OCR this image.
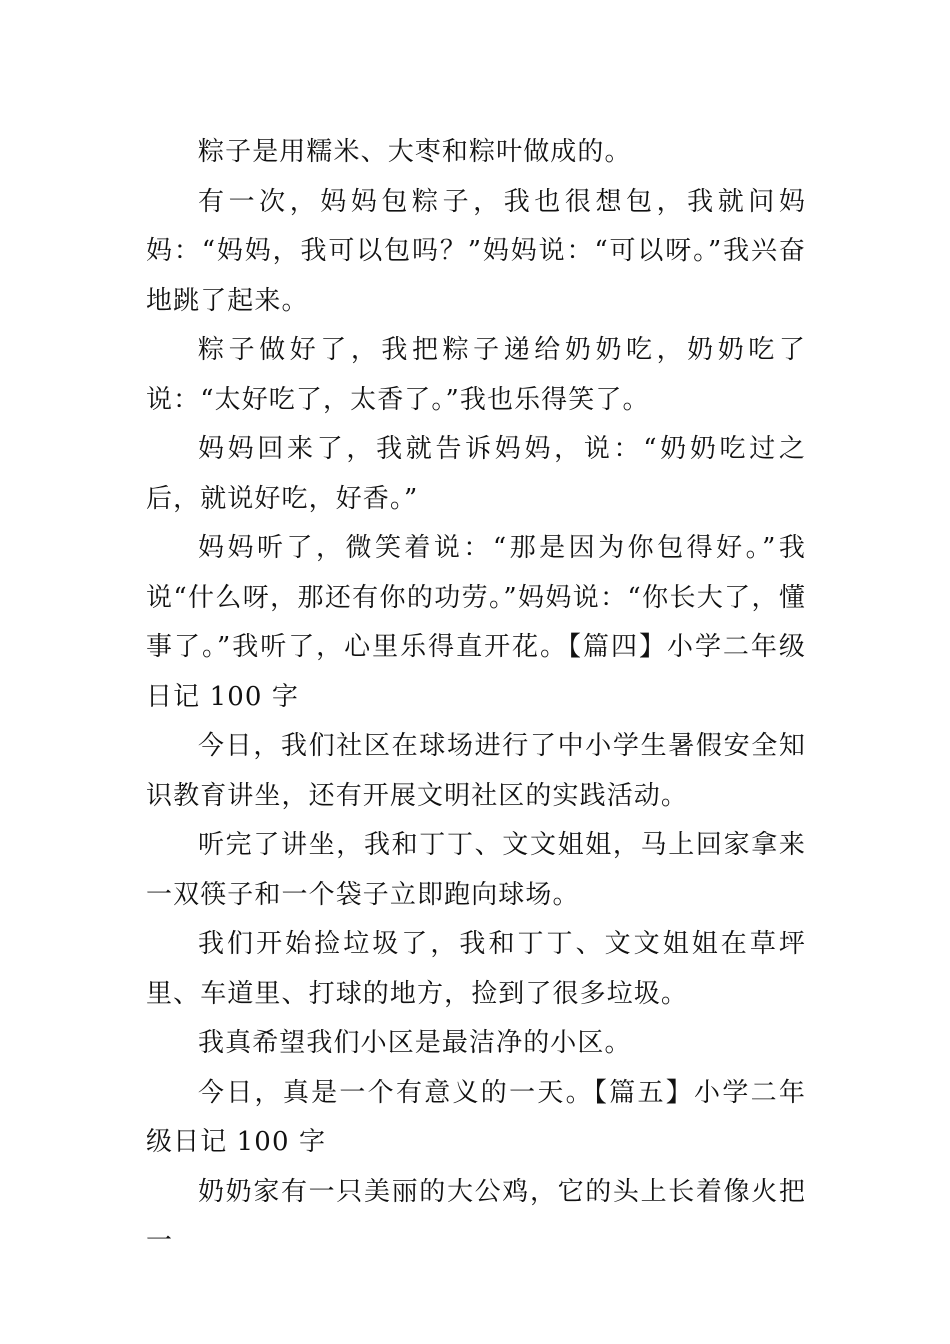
粽子是用糯米、大枣和粽叶做成的。

有一次，妈妈包粽子，我也很想包，我就问妈妈：“妈妈，我可以包吗？”妈妈说：“可以呀。”我兴奋地跳了起来。

粽子做好了，我把粽子递给奶奶吃，奶奶吃了说：“太好吃了，太香了。”我也乐得笑了。

妈妈回来了，我就告诉妈妈，说：“奶奶吃过之后，就说好吃，好香。”

妈妈听了，微笑着说：“那是因为你包得好。”我说“什么呀，那还有你的功劳。”妈妈说：“你长大了，懂事了。”我听了，心里乐得直开花。【篇四】小学二年级日记 100 字

今日，我们社区在球场进行了中小学生暑假安全知识教育讲坐，还有开展文明社区的实践活动。

听完了讲坐，我和丁丁、文文姐姐，马上回家拿来一双筷子和一个袋子立即跑向球场。

我们开始捡垃圾了，我和丁丁、文文姐姐在草坪里、车道里、打球的地方，捡到了很多垃圾。

我真希望我们小区是最洁净的小区。

今日，真是一个有意义的一天。【篇五】小学二年级日记 100 字

奶奶家有一只美丽的大公鸡，它的头上长着像火把一
